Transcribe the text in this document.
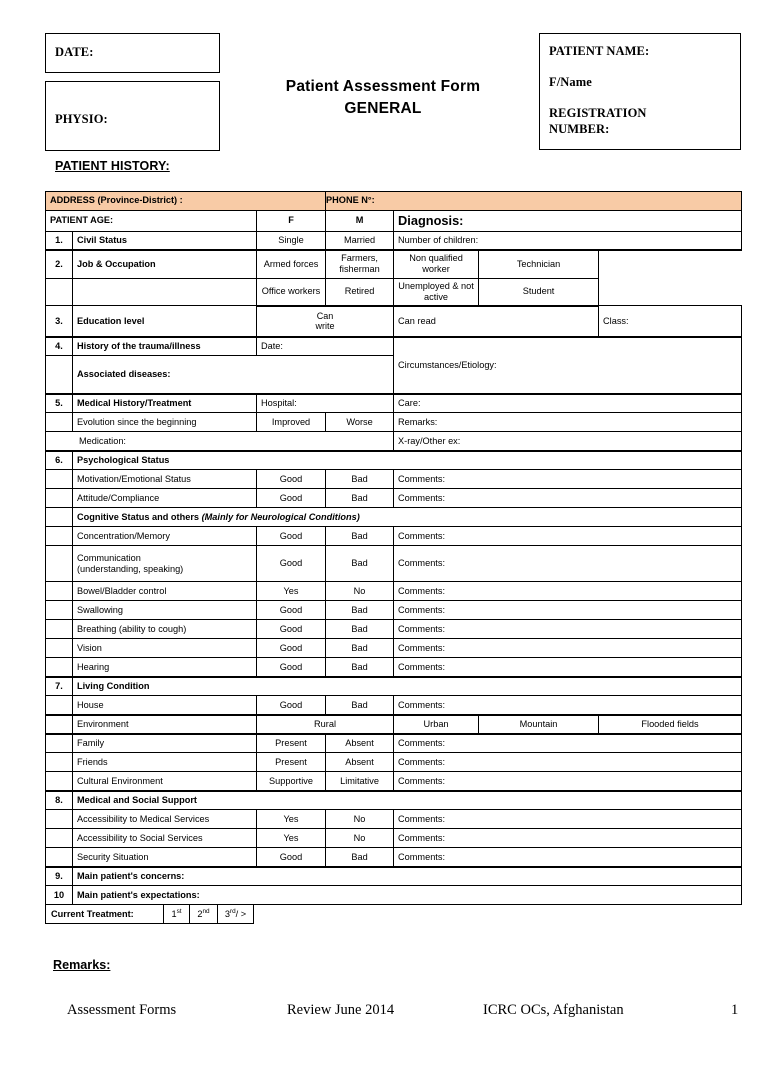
DATE:
PHYSIO:
Patient Assessment Form
GENERAL
PATIENT NAME:
F/Name
REGISTRATION
NUMBER:
PATIENT HISTORY:
ADDRESS (Province-District) :			PHONE N°:			
PATIENT AGE:		F	M	Diagnosis:		
1.	Civil Status	Single	Married	Number of children:		
2.	Job & Occupation	Armed forces	Farmers, fisherman	Non qualified worker	Technician	
		Office workers	Retired	Unemployed & not active	Student	
3.	Education level	Can
write		Can read		Class:
4.	History of the trauma/illness	Date:		Circumstances/Etiology:		
	Associated diseases:					
5.	Medical History/Treatment	Hospital:		Care:		
	Evolution since the beginning	Improved	Worse	Remarks:		
Medication:				X-ray/Other ex:		
6.	Psychological Status					
	Motivation/Emotional Status	Good	Bad	Comments:		
	Attitude/Compliance	Good	Bad	Comments:		
	Cognitive Status and others (Mainly for Neurological Conditions)					
	Concentration/Memory	Good	Bad	Comments:		
	Communication
(understanding, speaking)	Good	Bad	Comments:		
	Bowel/Bladder control	Yes	No	Comments:		
	Swallowing	Good	Bad	Comments:		
	Breathing (ability to cough)	Good	Bad	Comments:		
	Vision	Good	Bad	Comments:		
	Hearing	Good	Bad	Comments:		
7.	Living Condition					
	House	Good	Bad	Comments:		
	Environment	Rural		Urban	Mountain	Flooded fields
	Family	Present	Absent	Comments:		
	Friends	Present	Absent	Comments:		
	Cultural Environment	Supportive	Limitative	Comments:		
8.	Medical and Social Support					
	Accessibility to Medical Services	Yes	No	Comments:		
	Accessibility to Social Services	Yes	No	Comments:		
	Security Situation	Good	Bad	Comments:		
9.	Main patient's concerns:					
10	Main patient's expectations:					
Current Treatment:	1st	2nd	3rd/ >
Remarks:
Assessment Forms	Review June 2014	ICRC OCs, Afghanistan	1
